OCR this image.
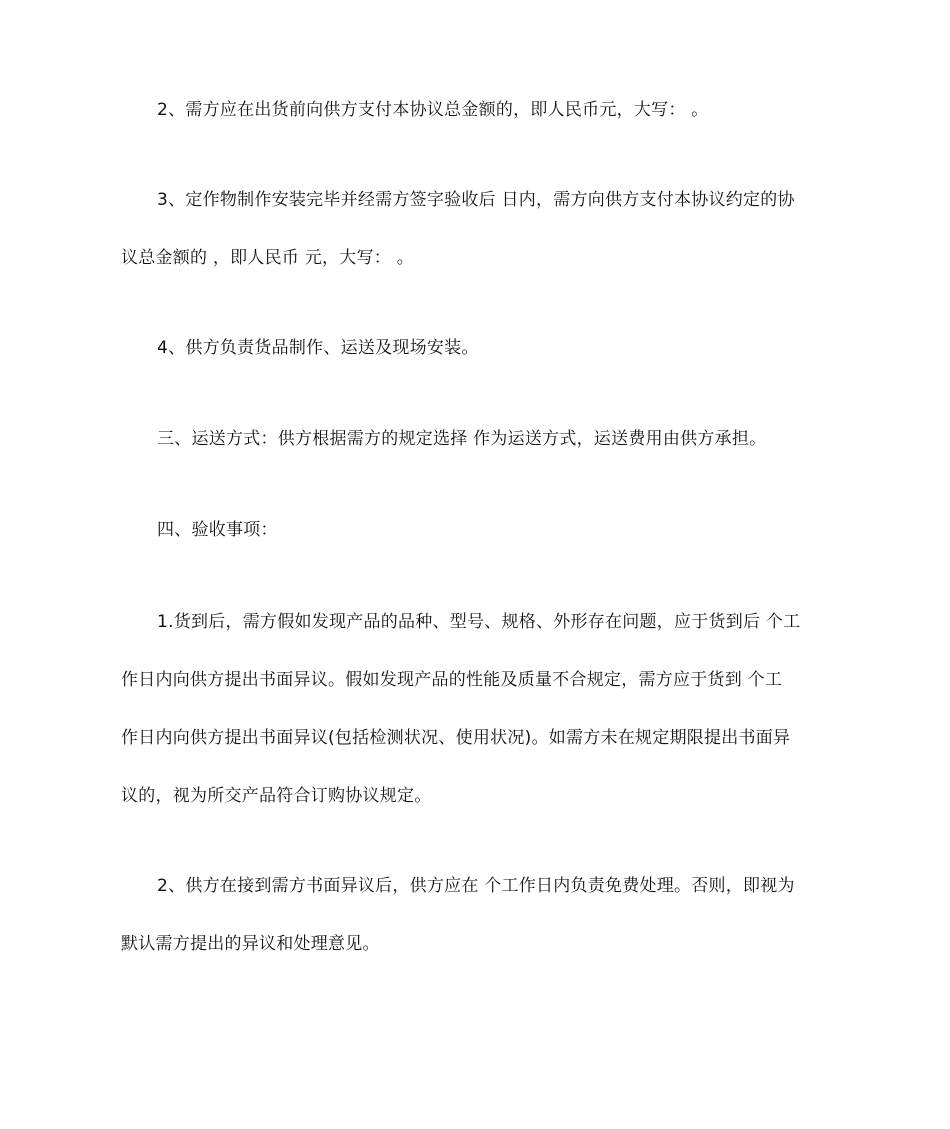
2、需方应在出货前向供方支付本协议总金额的，即人民币元，大写： 。
3、定作物制作安装完毕并经需方签字验收后 日内，需方向供方支付本协议约定的协
议总金额的 ，即人民币 元，大写： 。
4、供方负责货品制作、运送及现场安装。
三、运送方式：供方根据需方的规定选择 作为运送方式，运送费用由供方承担。
四、验收事项：
1.货到后，需方假如发现产品的品种、型号、规格、外形存在问题，应于货到后 个工
作日内向供方提出书面异议。假如发现产品的性能及质量不合规定，需方应于货到 个工
作日内向供方提出书面异议(包括检测状况、使用状况)。如需方未在规定期限提出书面异
议的，视为所交产品符合订购协议规定。
2、供方在接到需方书面异议后，供方应在 个工作日内负责免费处理。否则，即视为
默认需方提出的异议和处理意见。
